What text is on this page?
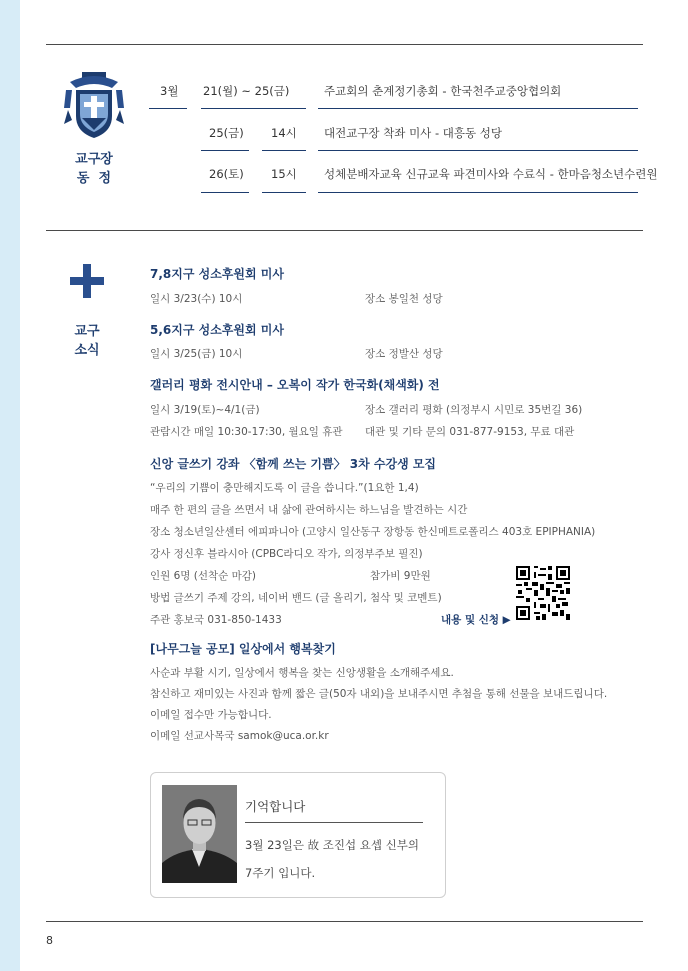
교구장
동  정
3월 21(월) ~ 25(금)	주교회의 춘계정기총회 - 한국천주교중앙협의회
25(금) 14시 대전교구장 착좌 미사 - 대흥동 성당
26(토) 15시 성체분배자교육 신규교육 파견미사와 수료식 - 한마음청소년수련원
교구
소식
7,8지구 성소후원회 미사
일시 3/23(수) 10시	장소 봉일천 성당
5,6지구 성소후원회 미사
일시 3/25(금) 10시	장소 정발산 성당
갤러리 평화 전시안내 – 오복이 작가 한국화(채색화) 전
일시 3/19(토)~4/1(금)	장소 갤러리 평화 (의정부시 시민로 35번길 36)
관람시간 매일 10:30-17:30, 월요일 휴관 대관 및 기타 문의 031-877-9153, 무료 대관
신앙 글쓰기 강좌 〈함께 쓰는 기쁨〉 3차 수강생 모집
“우리의 기쁨이 충만해지도록 이 글을 씁니다.”(1요한 1,4)
매주 한 편의 글을 쓰면서 내 삶에 관여하시는 하느님을 발견하는 시간
장소 청소년일산센터 에피파니아 (고양시 일산동구 장항동 한신메트로폴리스 403호 EPIPHANIA)
강사 정신후 블라시아 (CPBC라디오 작가, 의정부주보 필진)
인원 6명 (선착순 마감)	참가비 9만원
방법 글쓰기 주제 강의, 네이버 밴드 (글 올리기, 첨삭 및 코멘트)
주관 홍보국 031-850-1433	내용 및 신청 ▶
[나무그늘 공모] 일상에서 행복찾기
사순과 부활 시기, 일상에서 행복을 찾는 신앙생활을 소개해주세요.
참신하고 재미있는 사진과 함께 짧은 글(50자 내외)을 보내주시면 추첨을 통해 선물을 보내드립니다.
이메일 접수만 가능합니다.
이메일 선교사목국 samok@uca.or.kr
기억합니다
3월 23일은 故 조진섭 요셉 신부의
7주기 입니다.
8
